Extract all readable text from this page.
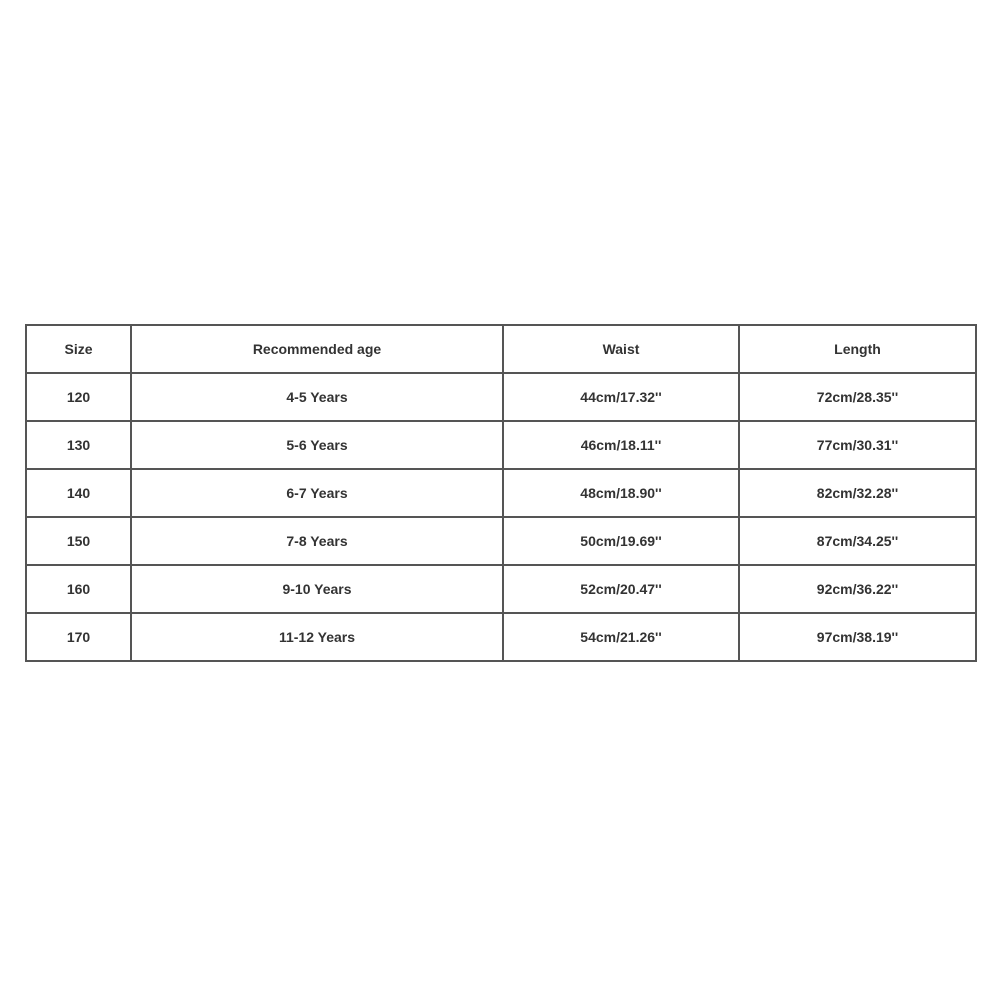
Size	Recommended age	Waist	Length
120	4-5 Years	44cm/17.32''	72cm/28.35''
130	5-6 Years	46cm/18.11''	77cm/30.31''
140	6-7 Years	48cm/18.90''	82cm/32.28''
150	7-8 Years	50cm/19.69''	87cm/34.25''
160	9-10 Years	52cm/20.47''	92cm/36.22''
170	11-12 Years	54cm/21.26''	97cm/38.19''
